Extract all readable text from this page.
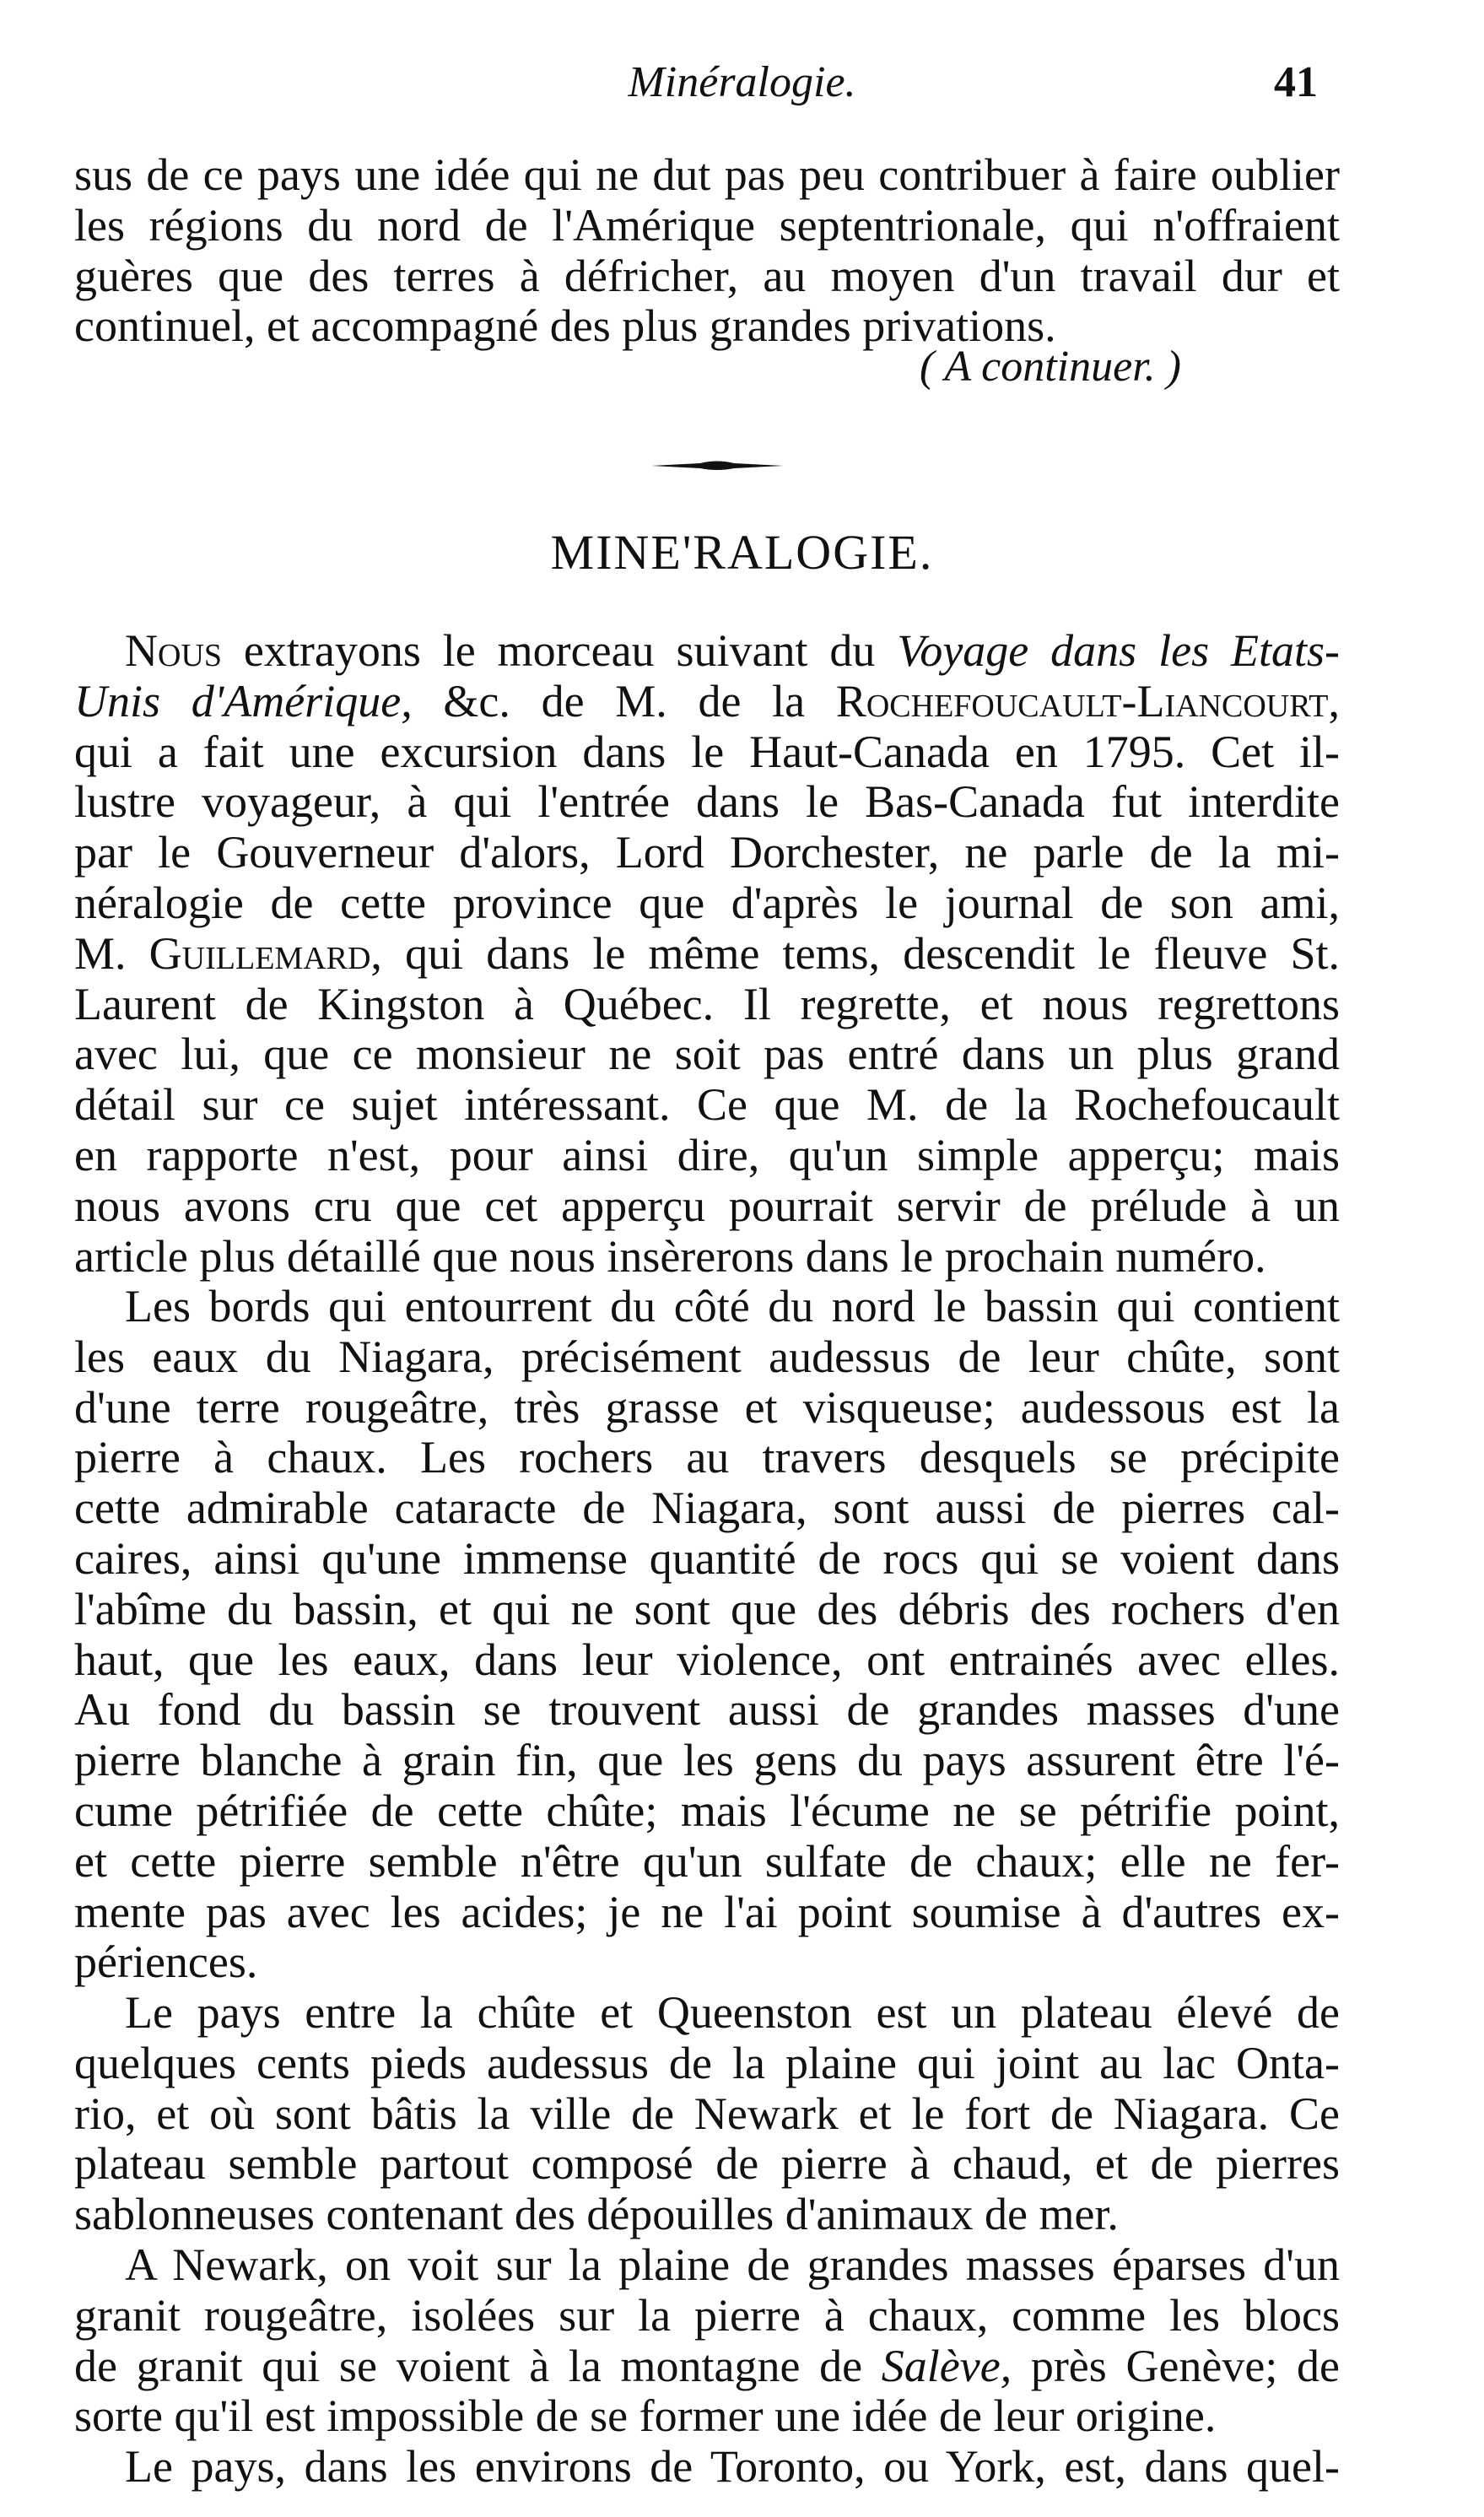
Minéralogie.	41
sus de ce pays une idée qui ne dut pas peu contribuer à faire oublier
les régions du nord de l'Amérique septentrionale, qui n'offraient
guères que des terres à défricher, au moyen d'un travail dur et
continuel, et accompagné des plus grandes privations.
( A continuer. )
MINE'RALOGIE.
Nous extrayons le morceau suivant du Voyage dans les Etats-
Unis d'Amérique, &c. de M. de la Rochefoucault-Liancourt,
qui a fait une excursion dans le Haut-Canada en 1795. Cet il-
lustre voyageur, à qui l'entrée dans le Bas-Canada fut interdite
par le Gouverneur d'alors, Lord Dorchester, ne parle de la mi-
néralogie de cette province que d'après le journal de son ami,
M. Guillemard, qui dans le même tems, descendit le fleuve St.
Laurent de Kingston à Québec. Il regrette, et nous regrettons
avec lui, que ce monsieur ne soit pas entré dans un plus grand
détail sur ce sujet intéressant. Ce que M. de la Rochefoucault
en rapporte n'est, pour ainsi dire, qu'un simple apperçu; mais
nous avons cru que cet apperçu pourrait servir de prélude à un
article plus détaillé que nous insèrerons dans le prochain numéro.
Les bords qui entourrent du côté du nord le bassin qui contient
les eaux du Niagara, précisément audessus de leur chûte, sont
d'une terre rougeâtre, très grasse et visqueuse; audessous est la
pierre à chaux. Les rochers au travers desquels se précipite
cette admirable cataracte de Niagara, sont aussi de pierres cal-
caires, ainsi qu'une immense quantité de rocs qui se voient dans
l'abîme du bassin, et qui ne sont que des débris des rochers d'en
haut, que les eaux, dans leur violence, ont entrainés avec elles.
Au fond du bassin se trouvent aussi de grandes masses d'une
pierre blanche à grain fin, que les gens du pays assurent être l'é-
cume pétrifiée de cette chûte; mais l'écume ne se pétrifie point,
et cette pierre semble n'être qu'un sulfate de chaux; elle ne fer-
mente pas avec les acides; je ne l'ai point soumise à d'autres ex-
périences.
Le pays entre la chûte et Queenston est un plateau élevé de
quelques cents pieds audessus de la plaine qui joint au lac Onta-
rio, et où sont bâtis la ville de Newark et le fort de Niagara. Ce
plateau semble partout composé de pierre à chaud, et de pierres
sablonneuses contenant des dépouilles d'animaux de mer.
A Newark, on voit sur la plaine de grandes masses éparses d'un
granit rougeâtre, isolées sur la pierre à chaux, comme les blocs
de granit qui se voient à la montagne de Salève, près Genève; de
sorte qu'il est impossible de se former une idée de leur origine.
Le pays, dans les environs de Toronto, ou York, est, dans quel-
